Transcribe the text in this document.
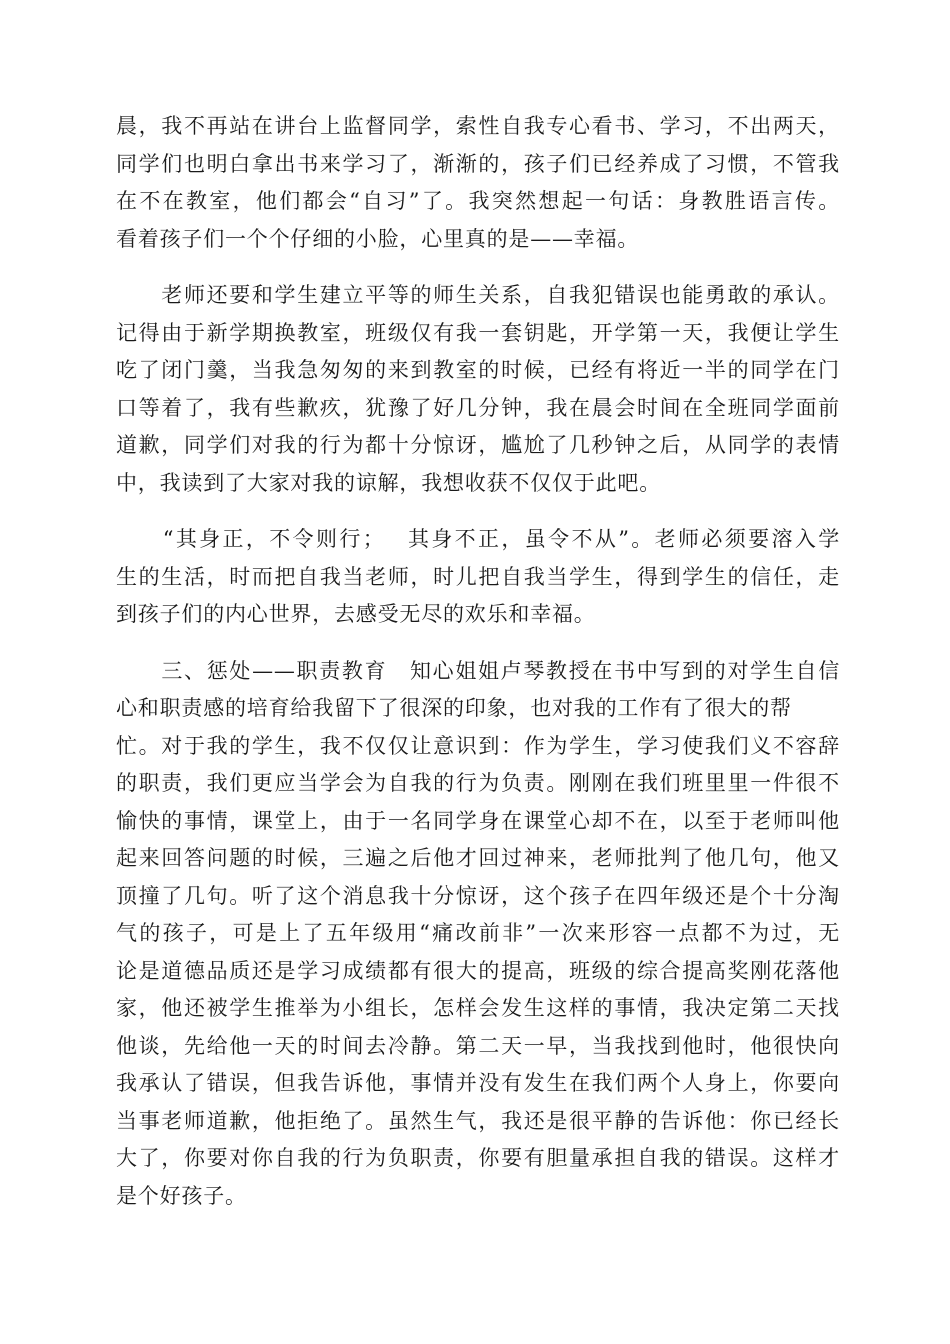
晨，我不再站在讲台上监督同学，索性自我专心看书、学习，不出两天，
同学们也明白拿出书来学习了，渐渐的，孩子们已经养成了习惯，不管我
在不在教室，他们都会“自习”了。我突然想起一句话：身教胜语言传。
看着孩子们一个个仔细的小脸，心里真的是——幸福。
　　老师还要和学生建立平等的师生关系，自我犯错误也能勇敢的承认。
记得由于新学期换教室，班级仅有我一套钥匙，开学第一天，我便让学生
吃了闭门羹，当我急匆匆的来到教室的时候，已经有将近一半的同学在门
口等着了，我有些歉疚，犹豫了好几分钟，我在晨会时间在全班同学面前
道歉，同学们对我的行为都十分惊讶，尴尬了几秒钟之后，从同学的表情
中，我读到了大家对我的谅解，我想收获不仅仅于此吧。
　　“其身正，不令则行；　 其身不正，虽令不从”。老师必须要溶入学
生的生活，时而把自我当老师，时儿把自我当学生，得到学生的信任，走
到孩子们的内心世界，去感受无尽的欢乐和幸福。
　　三、惩处——职责教育　知心姐姐卢琴教授在书中写到的对学生自信
心和职责感的培育给我留下了很深的印象，也对我的工作有了很大的帮
忙。对于我的学生，我不仅仅让意识到：作为学生，学习使我们义不容辞
的职责，我们更应当学会为自我的行为负责。刚刚在我们班里里一件很不
愉快的事情，课堂上，由于一名同学身在课堂心却不在，以至于老师叫他
起来回答问题的时候，三遍之后他才回过神来，老师批判了他几句，他又
顶撞了几句。听了这个消息我十分惊讶，这个孩子在四年级还是个十分淘
气的孩子，可是上了五年级用“痛改前非”一次来形容一点都不为过，无
论是道德品质还是学习成绩都有很大的提高，班级的综合提高奖刚花落他
家，他还被学生推举为小组长，怎样会发生这样的事情，我决定第二天找
他谈，先给他一天的时间去冷静。第二天一早，当我找到他时，他很快向
我承认了错误，但我告诉他，事情并没有发生在我们两个人身上，你要向
当事老师道歉，他拒绝了。虽然生气，我还是很平静的告诉他：你已经长
大了，你要对你自我的行为负职责，你要有胆量承担自我的错误。这样才
是个好孩子。
